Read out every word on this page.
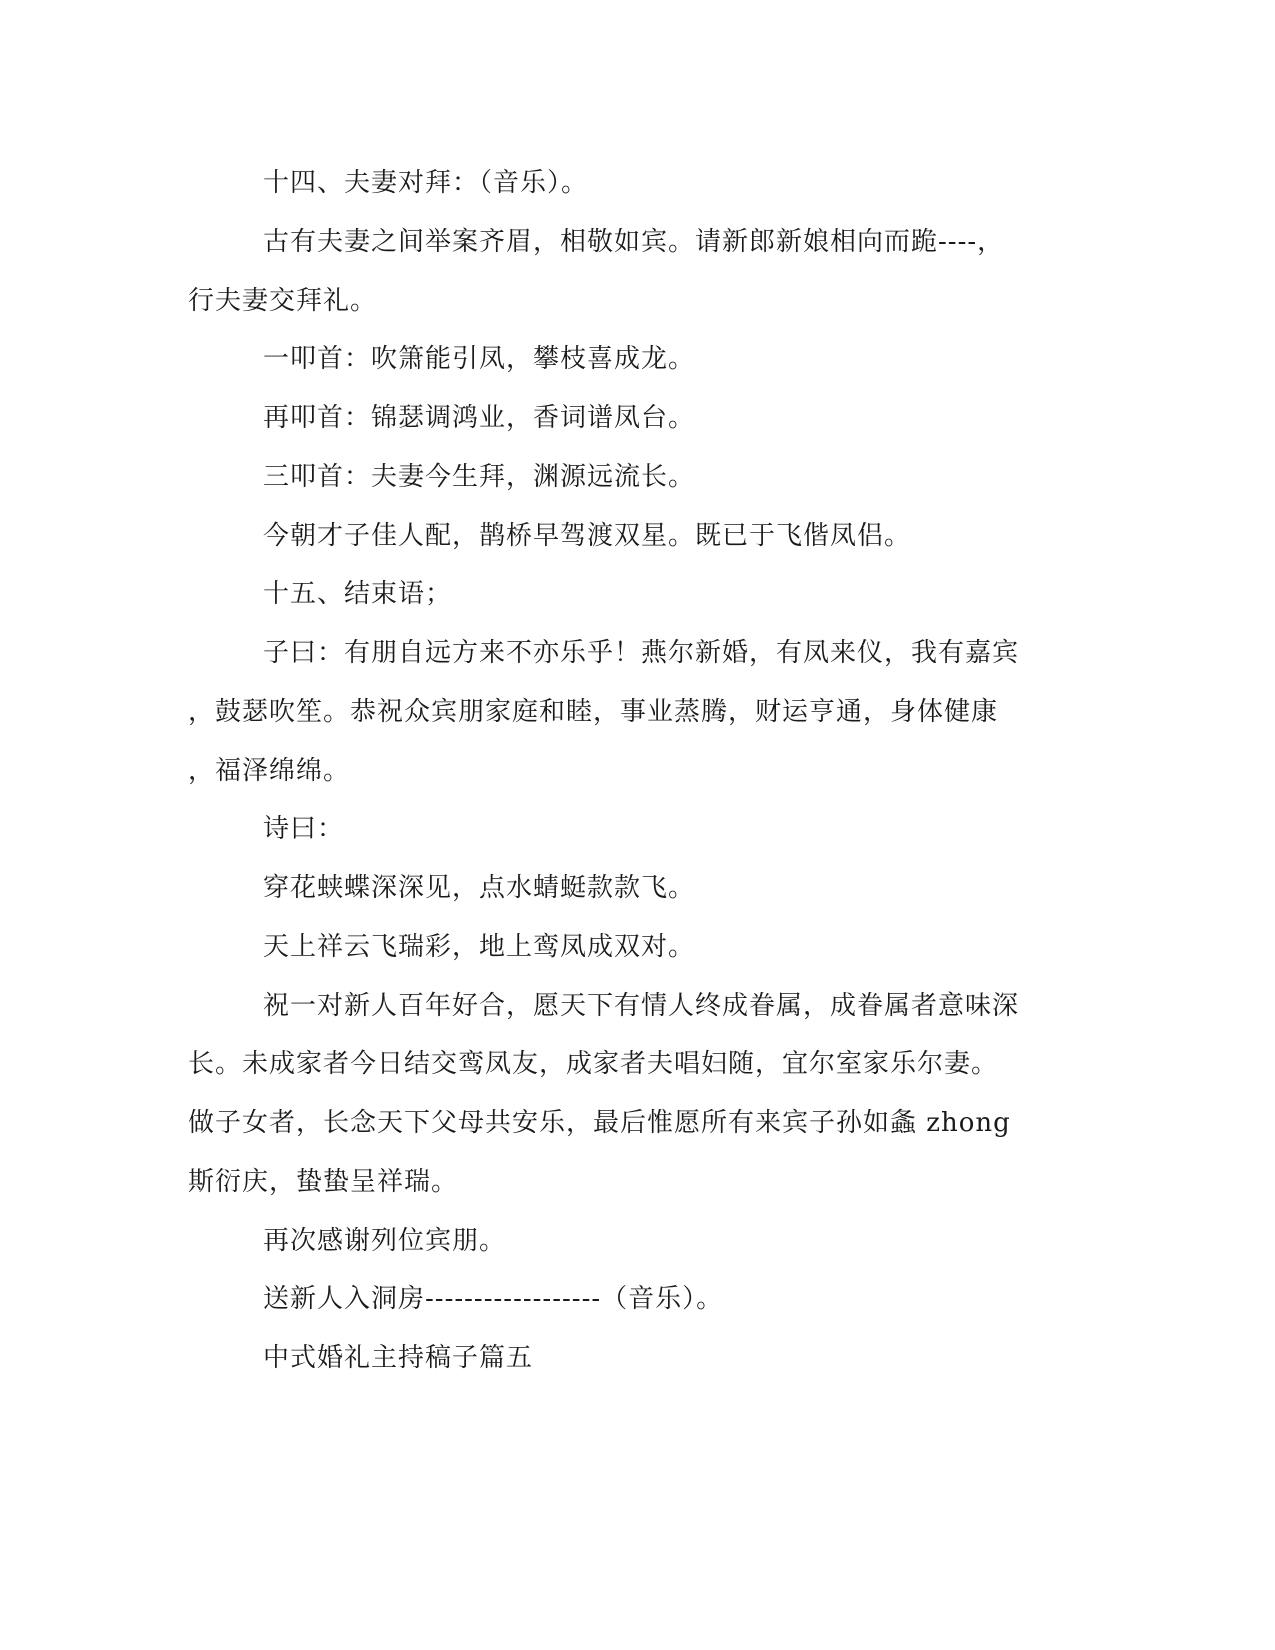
十四、夫妻对拜：（音乐）。
古有夫妻之间举案齐眉，相敬如宾。请新郎新娘相向而跪----，
行夫妻交拜礼。
一叩首：吹箫能引凤，攀枝喜成龙。
再叩首：锦瑟调鸿业，香词谱凤台。
三叩首：夫妻今生拜，渊源远流长。
今朝才子佳人配，鹊桥早驾渡双星。既已于飞偕凤侣。
十五、结束语；
子曰：有朋自远方来不亦乐乎！燕尔新婚，有凤来仪，我有嘉宾
，鼓瑟吹笙。恭祝众宾朋家庭和睦，事业蒸腾，财运亨通，身体健康
，福泽绵绵。
诗曰：
穿花蛱蝶深深见，点水蜻蜓款款飞。
天上祥云飞瑞彩，地上鸾凤成双对。
祝一对新人百年好合，愿天下有情人终成眷属，成眷属者意味深
长。未成家者今日结交鸾凤友，成家者夫唱妇随，宜尔室家乐尔妻。
做子女者，长念天下父母共安乐，最后惟愿所有来宾子孙如螽 zhong
斯衍庆，蛰蛰呈祥瑞。
再次感谢列位宾朋。
送新人入洞房------------------（音乐）。
中式婚礼主持稿子篇五
